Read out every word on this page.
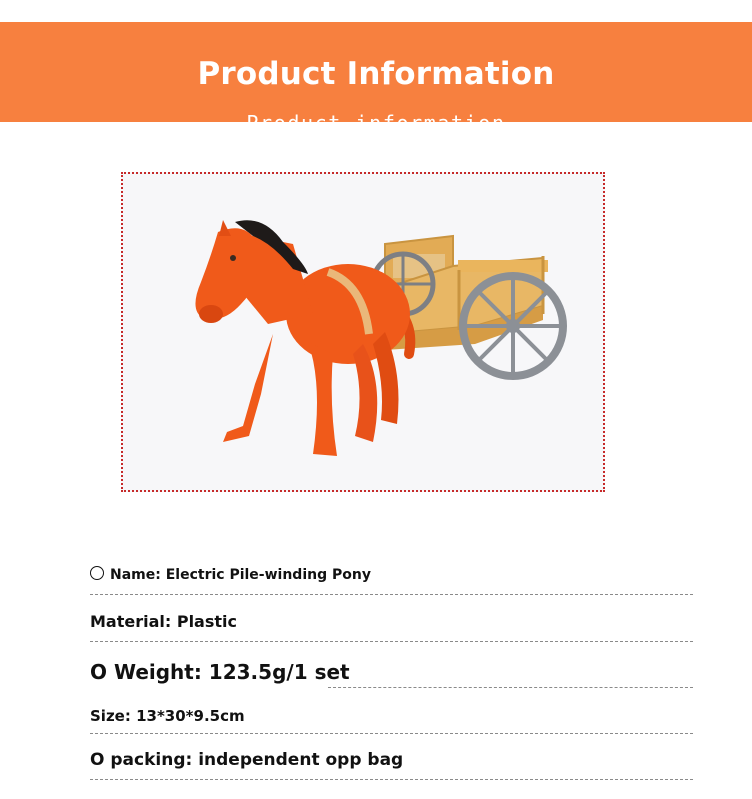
Product Information
Product information
Name: Electric Pile-winding Pony
Material: Plastic
O Weight: 123.5g/1 set
Size: 13*30*9.5cm
O packing: independent opp bag
